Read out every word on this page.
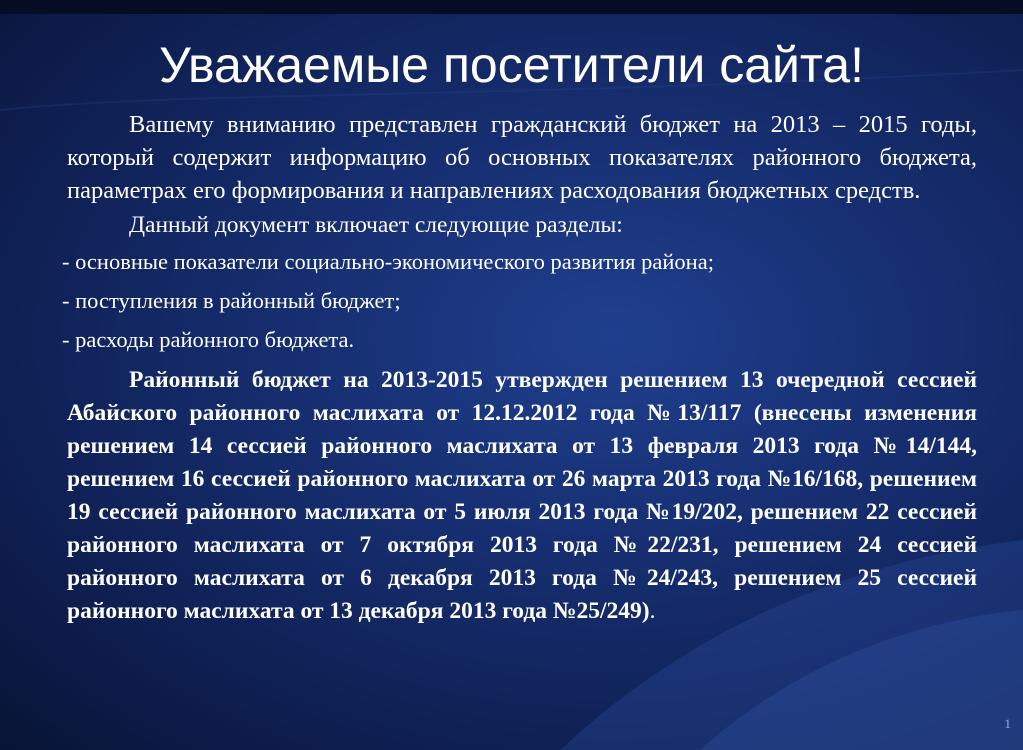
Уважаемые посетители сайта!

Вашему вниманию представлен гражданский бюджет на 2013 – 2015 годы, который содержит информацию об основных показателях районного бюджета, параметрах его формирования и направлениях расходования бюджетных средств.

Данный документ включает следующие разделы:

- основные показатели социально-экономического развития района;
- поступления в районный бюджет;
- расходы районного бюджета.

Районный бюджет на 2013-2015 утвержден решением 13 очередной сессией Абайского районного маслихата от 12.12.2012 года №13/117 (внесены изменения решением 14 сессией районного маслихата от 13 февраля 2013 года №14/144, решением 16 сессией районного маслихата от 26 марта 2013 года №16/168, решением 19 сессией районного маслихата от 5 июля 2013 года №19/202, решением 22 сессией районного маслихата от 7 октября 2013 года №22/231, решением 24 сессией районного маслихата от 6 декабря 2013 года №24/243, решением 25 сессией районного маслихата от 13 декабря 2013 года №25/249).

1
